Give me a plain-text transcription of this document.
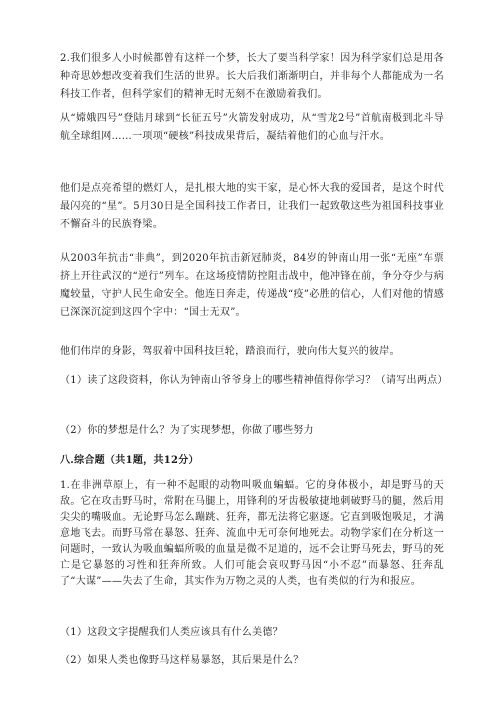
2.我们很多人小时候都曾有这样一个梦，长大了要当科学家！因为科学家们总是用各种奇思妙想改变着我们生活的世界。长大后我们渐渐明白，并非每个人都能成为一名科技工作者，但科学家们的精神无时无刻不在激励着我们。

从“嫦娥四号”登陆月球到“长征五号”火箭发射成功，从“雪龙2号”首航南极到北斗导航全球组网……一项项“硬核”科技成果背后，凝结着他们的心血与汗水。

他们是点亮希望的燃灯人，是扎根大地的实干家，是心怀大我的爱国者，是这个时代最闪亮的“星”。5月30日是全国科技工作者日，让我们一起致敬这些为祖国科技事业不懈奋斗的民族脊梁。

从2003年抗击“非典”，到2020年抗击新冠肺炎，84岁的钟南山用一张“无座”车票挤上开往武汉的“逆行”列车。在这场疫情防控阻击战中，他冲锋在前，争分夺少与病魔较量，守护人民生命安全。他连日奔走，传递战“疫”必胜的信心，人们对他的情感已深深沉淀到这四个字中：“国士无双”。

他们伟岸的身影，驾驭着中国科技巨轮，踏浪而行，驶向伟大复兴的彼岸。

（1）读了这段资料，你认为钟南山爷爷身上的哪些精神值得你学习？（请写出两点）

（2）你的梦想是什么？为了实现梦想，你做了哪些努力

八.综合题（共1题，共12分）

1.在非洲草原上，有一种不起眼的动物叫吸血蝙蝠。它的身体极小，却是野马的天敌。它在攻击野马时，常附在马腿上，用锋利的牙齿极敏捷地刺破野马的腿，然后用尖尖的嘴吸血。无论野马怎么蹦跳、狂奔，都无法将它驱逐。它直到吸饱吸足，才满意地飞去。而野马常在暴怒、狂奔、流血中无可奈何地死去。动物学家们在分析这一问题时，一致认为吸血蝙蝠所吸的血量是微不足道的，远不会让野马死去，野马的死亡是它暴怒的习性和狂奔所致。人们可能会哀叹野马因“小不忍”而暴怒、狂奔乱了“大谋”——失去了生命，其实作为万物之灵的人类，也有类似的行为和报应。

（1）这段文字提醒我们人类应该具有什么美德？

（2）如果人类也像野马这样易暴怒，其后果是什么？
